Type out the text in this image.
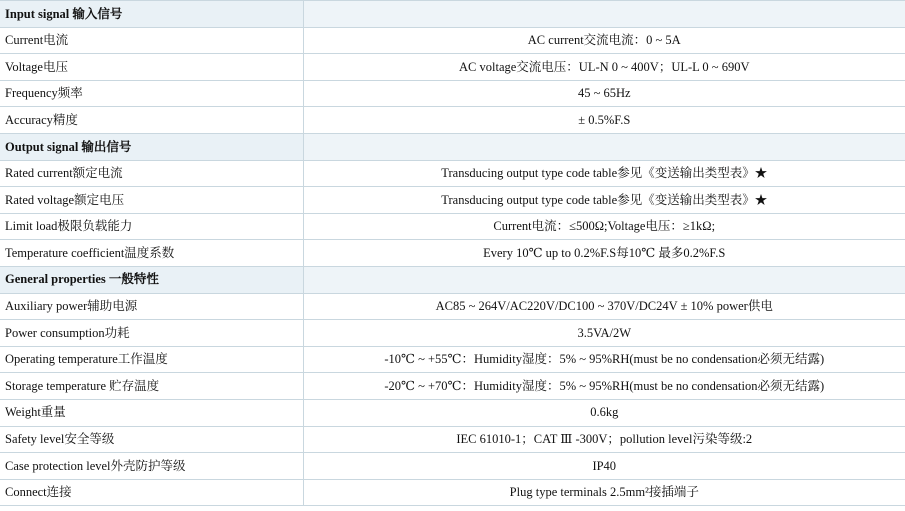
Input signal 输入信号	
Current电流	AC current交流电流：0 ~ 5A
Voltage电压	AC voltage交流电压：UL-N 0 ~ 400V；UL-L 0 ~ 690V
Frequency频率	45 ~ 65Hz
Accuracy精度	± 0.5%F.S
Output signal 输出信号	
Rated current额定电流	Transducing output type code table参见《变送输出类型表》★
Rated voltage额定电压	Transducing output type code table参见《变送输出类型表》★
Limit load极限负载能力	Current电流：≤500Ω;Voltage电压：≥1kΩ;
Temperature coefficient温度系数	Every 10℃ up to 0.2%F.S每10℃ 最多0.2%F.S
General properties 一般特性	
Auxiliary power辅助电源	AC85 ~ 264V/AC220V/DC100 ~ 370V/DC24V ± 10% power供电
Power consumption功耗	3.5VA/2W
Operating temperature工作温度	-10℃ ~ +55℃：Humidity湿度：5% ~ 95%RH(must be no condensation必须无结露)
Storage temperature 贮存温度	-20℃ ~ +70℃：Humidity湿度：5% ~ 95%RH(must be no condensation必须无结露)
Weight重量	0.6kg
Safety level安全等级	IEC 61010-1；CAT Ⅲ -300V；pollution level污染等级:2
Case protection level外壳防护等级	IP40
Connect连接	Plug type terminals 2.5mm²接插端子
